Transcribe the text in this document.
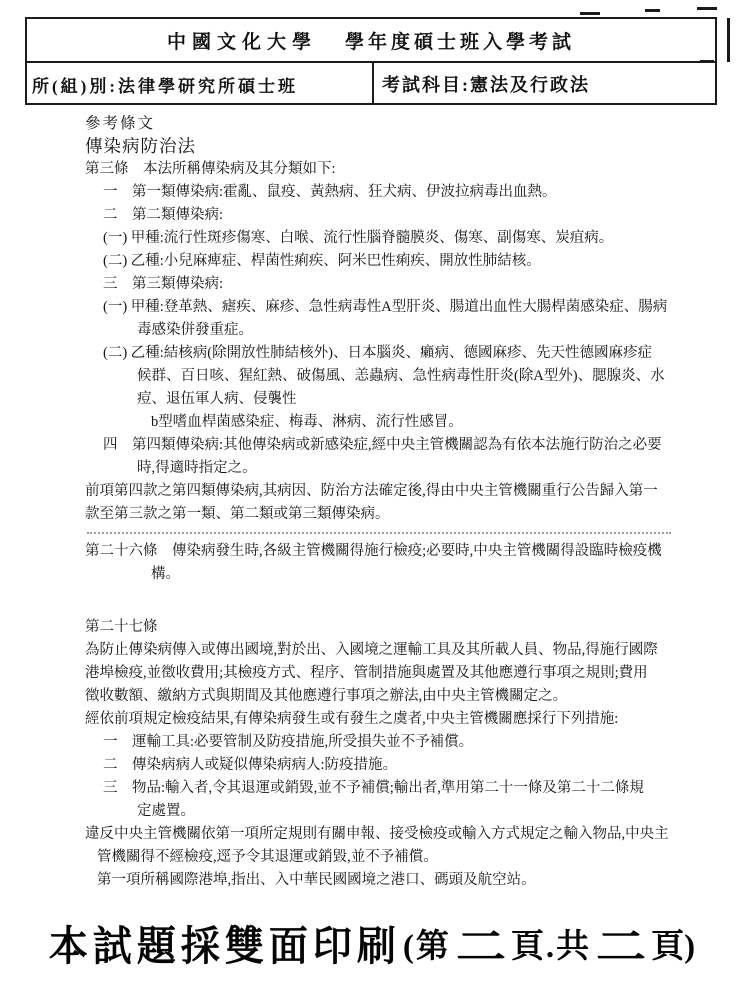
中國文化大學 學年度碩士班入學考試
所(組)別:法律學研究所碩士班	考試科目:憲法及行政法
參考條文
傳染病防治法
第三條　本法所稱傳染病及其分類如下:
一　第一類傳染病:霍亂、鼠疫、黃熱病、狂犬病、伊波拉病毒出血熱。
二　第二類傳染病:
(一) 甲種:流行性斑疹傷寒、白喉、流行性腦脊髓膜炎、傷寒、副傷寒、炭疽病。
(二) 乙種:小兒麻痺症、桿菌性痢疾、阿米巴性痢疾、開放性肺結核。
三　第三類傳染病:
(一) 甲種:登革熱、瘧疾、麻疹、急性病毒性A型肝炎、腸道出血性大腸桿菌感染症、腸病
毒感染併發重症。
(二) 乙種:結核病(除開放性肺結核外)、日本腦炎、癩病、德國麻疹、先天性德國麻疹症
候群、百日咳、猩紅熱、破傷風、恙蟲病、急性病毒性肝炎(除A型外)、腮腺炎、水
痘、退伍軍人病、侵襲性
b型嗜血桿菌感染症、梅毒、淋病、流行性感冒。
四　第四類傳染病:其他傳染病或新感染症,經中央主管機關認為有依本法施行防治之必要
時,得適時指定之。
前項第四款之第四類傳染病,其病因、防治方法確定後,得由中央主管機關重行公告歸入第一
款至第三款之第一類、第二類或第三類傳染病。
第二十六條　傳染病發生時,各級主管機關得施行檢疫;必要時,中央主管機關得設臨時檢疫機
構。
第二十七條
為防止傳染病傳入或傳出國境,對於出、入國境之運輸工具及其所載人員、物品,得施行國際
港埠檢疫,並徵收費用;其檢疫方式、程序、管制措施與處置及其他應遵行事項之規則;費用
徵收數額、繳納方式與期間及其他應遵行事項之辦法,由中央主管機關定之。
經依前項規定檢疫結果,有傳染病發生或有發生之虞者,中央主管機關應採行下列措施:
一　運輸工具:必要管制及防疫措施,所受損失並不予補償。
二　傳染病病人或疑似傳染病病人:防疫措施。
三　物品:輸入者,令其退運或銷毀,並不予補償;輸出者,準用第二十一條及第二十二條規
定處置。
違反中央主管機關依第一項所定規則有關申報、接受檢疫或輸入方式規定之輸入物品,中央主
管機關得不經檢疫,逕予令其退運或銷毀,並不予補償。
第一項所稱國際港埠,指出、入中華民國國境之港口、碼頭及航空站。
本試題採雙面印刷 (第 二 頁.共 二 頁)
